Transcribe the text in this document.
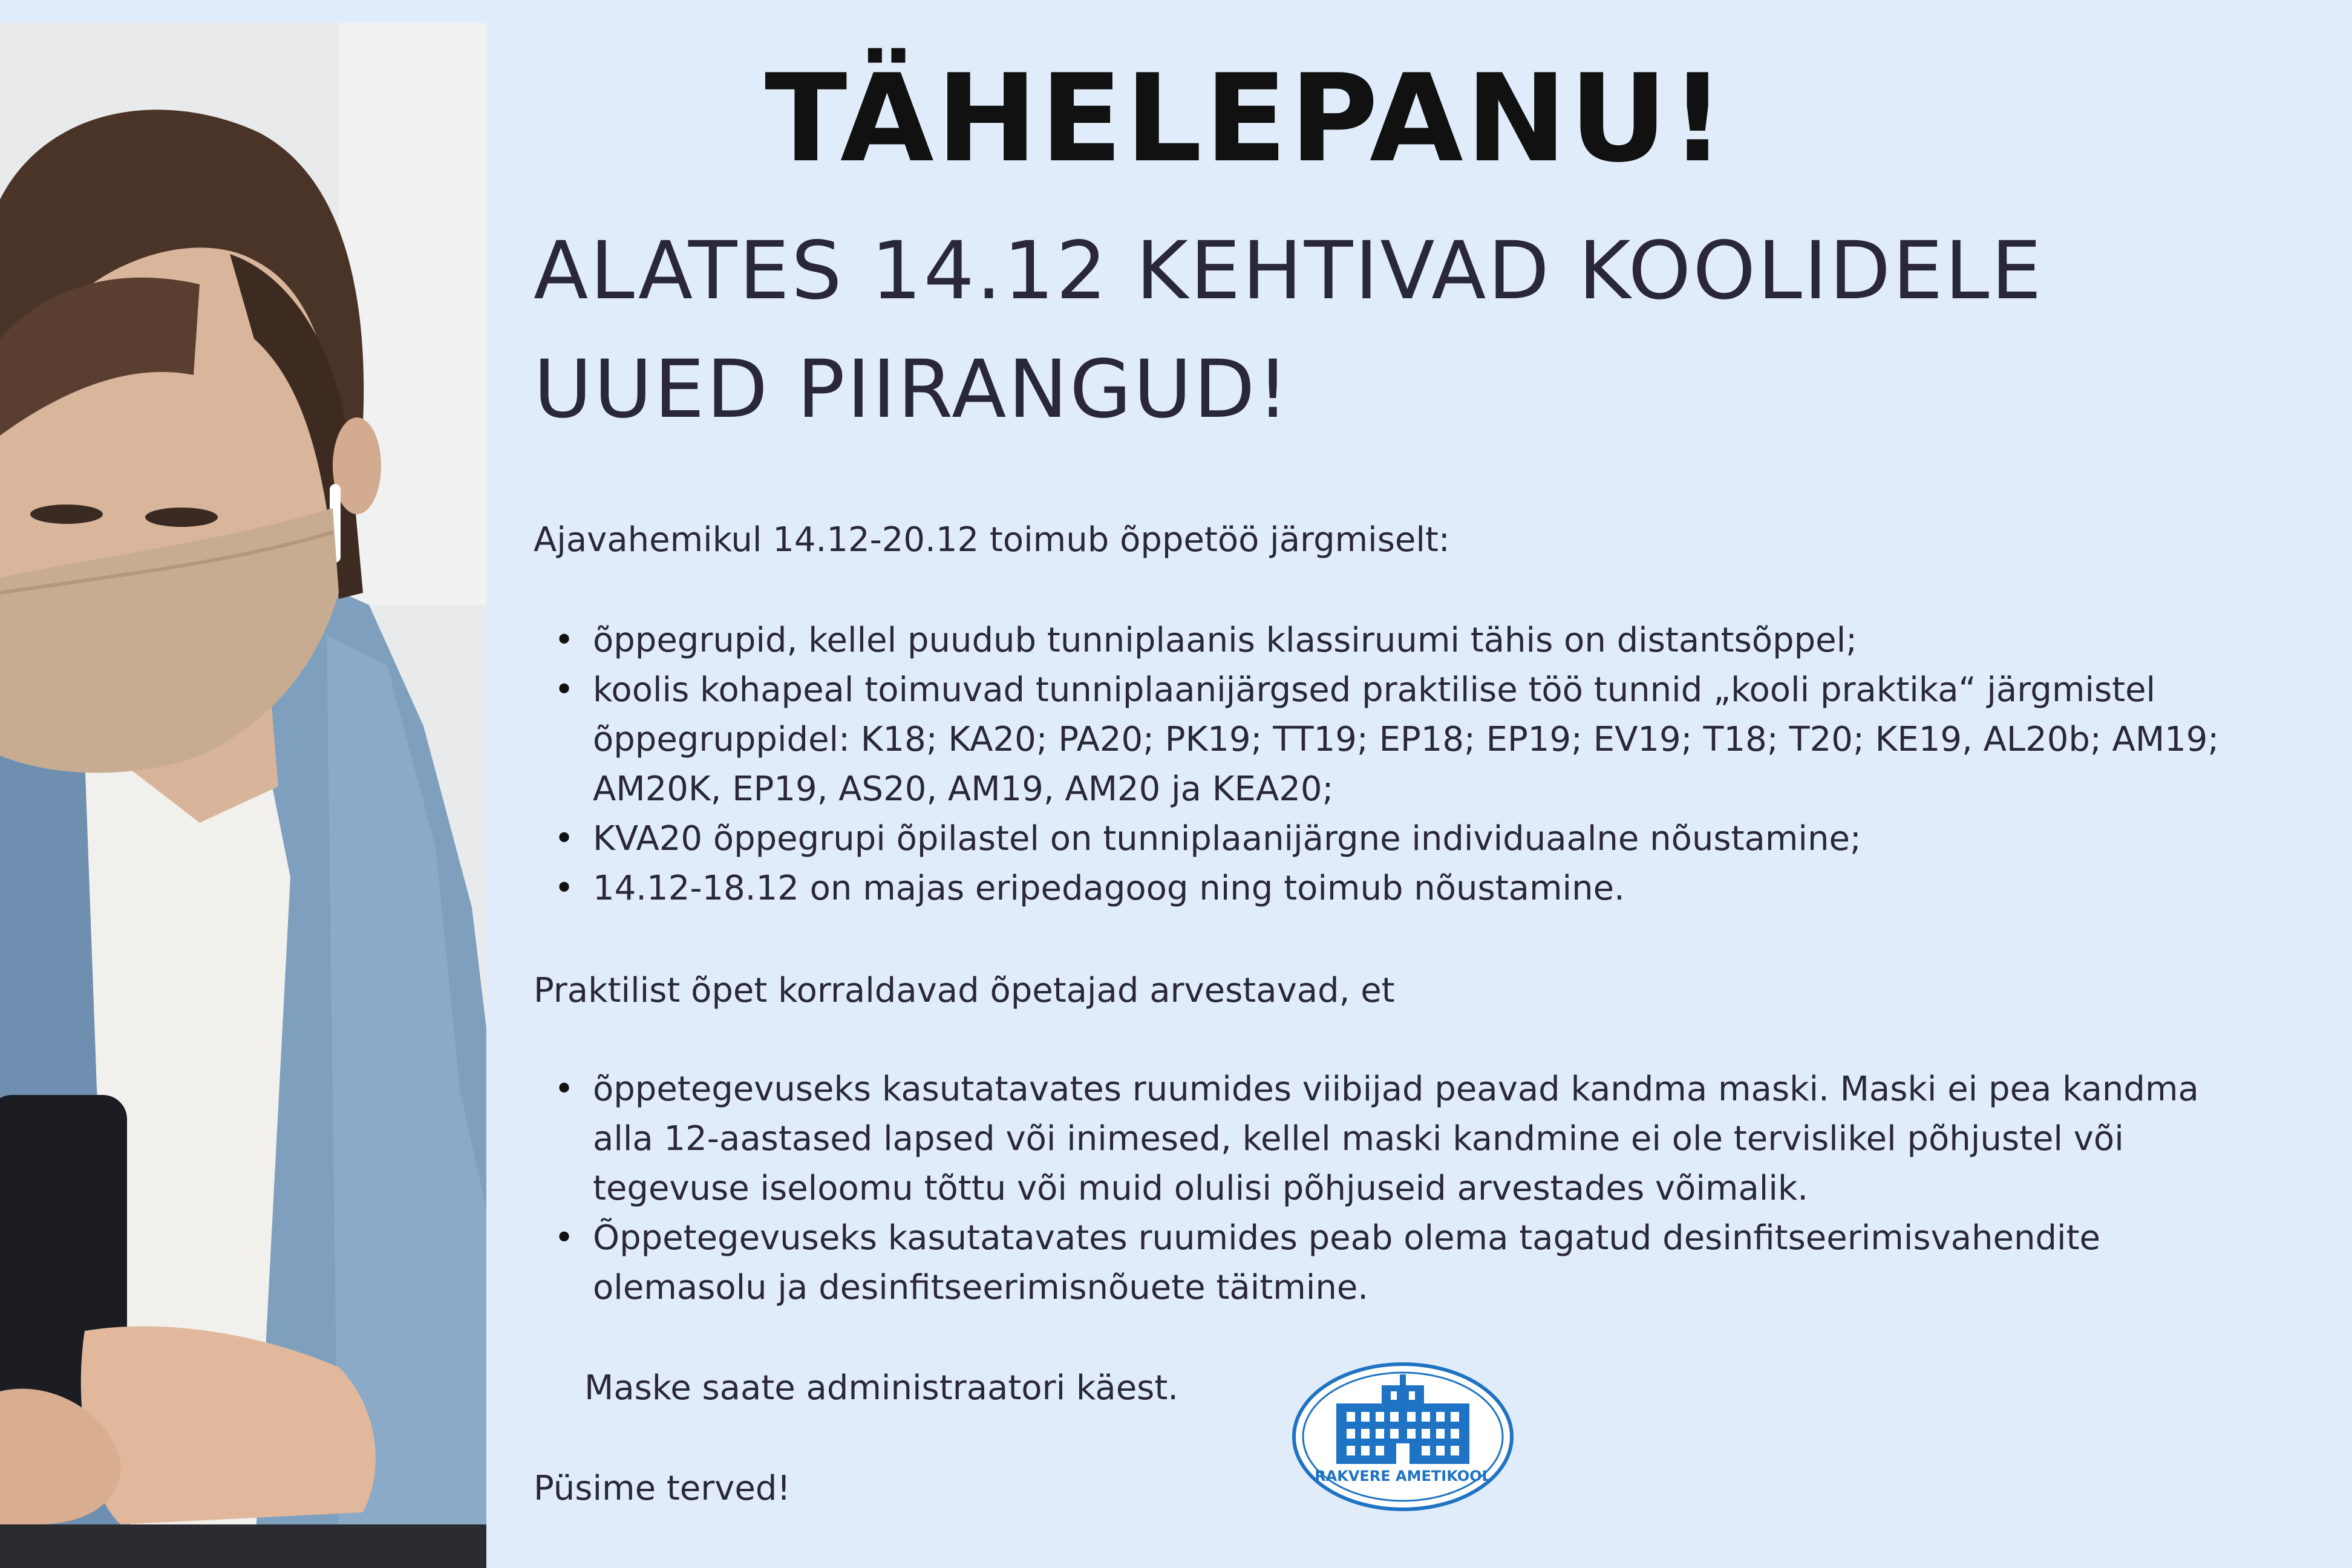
TÄHELEPANU!
ALATES 14.12 KEHTIVAD KOOLIDELE UUED PIIRANGUD!

Ajavahemikul 14.12-20.12 toimub õppetöö järgmiselt:

• õppegrupid, kellel puudub tunniplaanis klassiruumi tähis on distantsõppel;
• koolis kohapeal toimuvad tunniplaanijärgsed praktilise töö tunnid „kooli praktika“ järgmistel õppegruppidel: K18; KA20; PA20; PK19; TT19; EP18; EP19; EV19; T18; T20; KE19, AL20b; AM19; AM20K, EP19, AS20, AM19, AM20 ja KEA20;
• KVA20 õppegrupi õpilastel on tunniplaanijärgne individuaalne nõustamine;
• 14.12-18.12 on majas eripedagoog ning toimub nõustamine.

Praktilist õpet korraldavad õpetajad arvestavad, et

• õppetegevuseks kasutatavates ruumides viibijad peavad kandma maski. Maski ei pea kandma alla 12-aastased lapsed või inimesed, kellel maski kandmine ei ole tervislikel põhjustel või tegevuse iseloomu tõttu või muid olulisi põhjuseid arvestades võimalik.
• Õppetegevuseks kasutatavates ruumides peab olema tagatud desinfitseerimisvahendite olemasolu ja desinfitseerimisnõuete täitmine.

Maske saate administraatori käest.

Püsime terved!	RAKVERE AMETIKOOL
